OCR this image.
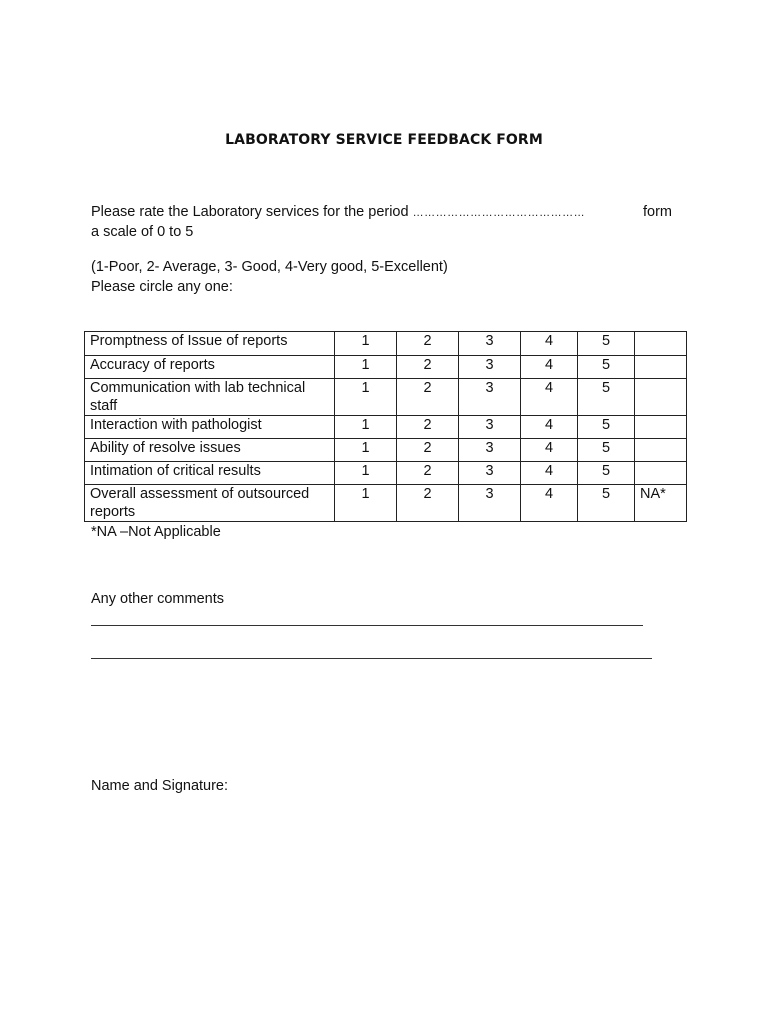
LABORATORY SERVICE FEEDBACK FORM
Please rate the Laboratory services for the period ………………………………………	form
a scale of 0 to 5
(1-Poor, 2- Average, 3- Good, 4-Very good, 5-Excellent)
Please circle any one:
Promptness of Issue of reports	1	2	3	4	5	
Accuracy of reports	1	2	3	4	5	
Communication with lab technical staff	1	2	3	4	5	
Interaction with pathologist	1	2	3	4	5	
Ability of resolve issues	1	2	3	4	5	
Intimation of critical results	1	2	3	4	5	
Overall assessment of outsourced reports	1	2	3	4	5	NA*
*NA –Not Applicable
Any other comments
Name and Signature:
